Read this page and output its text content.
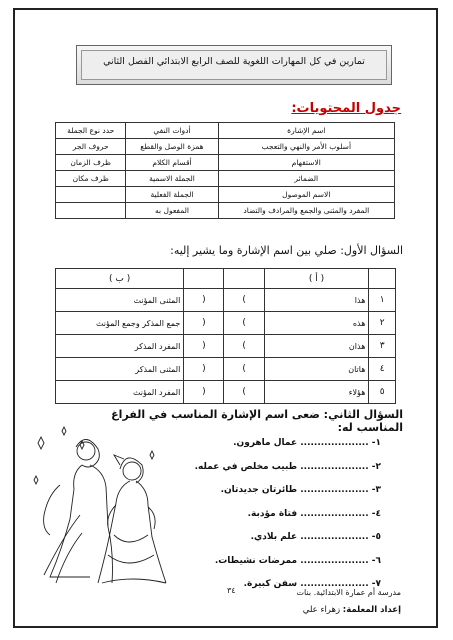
تمارين في كل المهارات اللغوية للصف الرابع الابتدائي الفصل الثاني
جدول المحتويات:
اسم الإشارة	أدوات النفي	حدد نوع الجملة
أسلوب الأمر والنهي والتعجب	همزة الوصل والقطع	حروف الجر
الاستفهام	أقسام الكلام	ظرف الزمان
الضمائر	الجملة الاسمية	ظرف مكان
الاسم الموصول	الجملة الفعلية	
المفرد والمثنى والجمع والمرادف والتضاد	المفعول به	
السؤال الأول: صلي بين اسم الإشارة وما يشير إليه:
	( أ )			( ب )
١	هذا	)	(	المثنى المؤنث
٢	هذه	)	(	جمع المذكر وجمع المؤنث
٣	هذان	)	(	المفرد المذكر
٤	هاتان	)	(	المثنى المذكر
٥	هؤلاء	)	(	المفرد المؤنث
السؤال الثاني: ضعى اسم الإشارة المناسب في الفراغ
المناسب له:
١- .................... عمال ماهرون.
٢- .................... طبيب مخلص في عمله.
٣- .................... طائرتان جديدتان.
٤- .................... فتاة مؤدبة.
٥- .................... علم بلادي.
٦- .................... ممرضات نشيطات.
٧- .................... سفن كبيرة.
٣٤	مدرسة أم عمارة الابتدائية. بنات
إعداد المعلمة: زهراء علي
